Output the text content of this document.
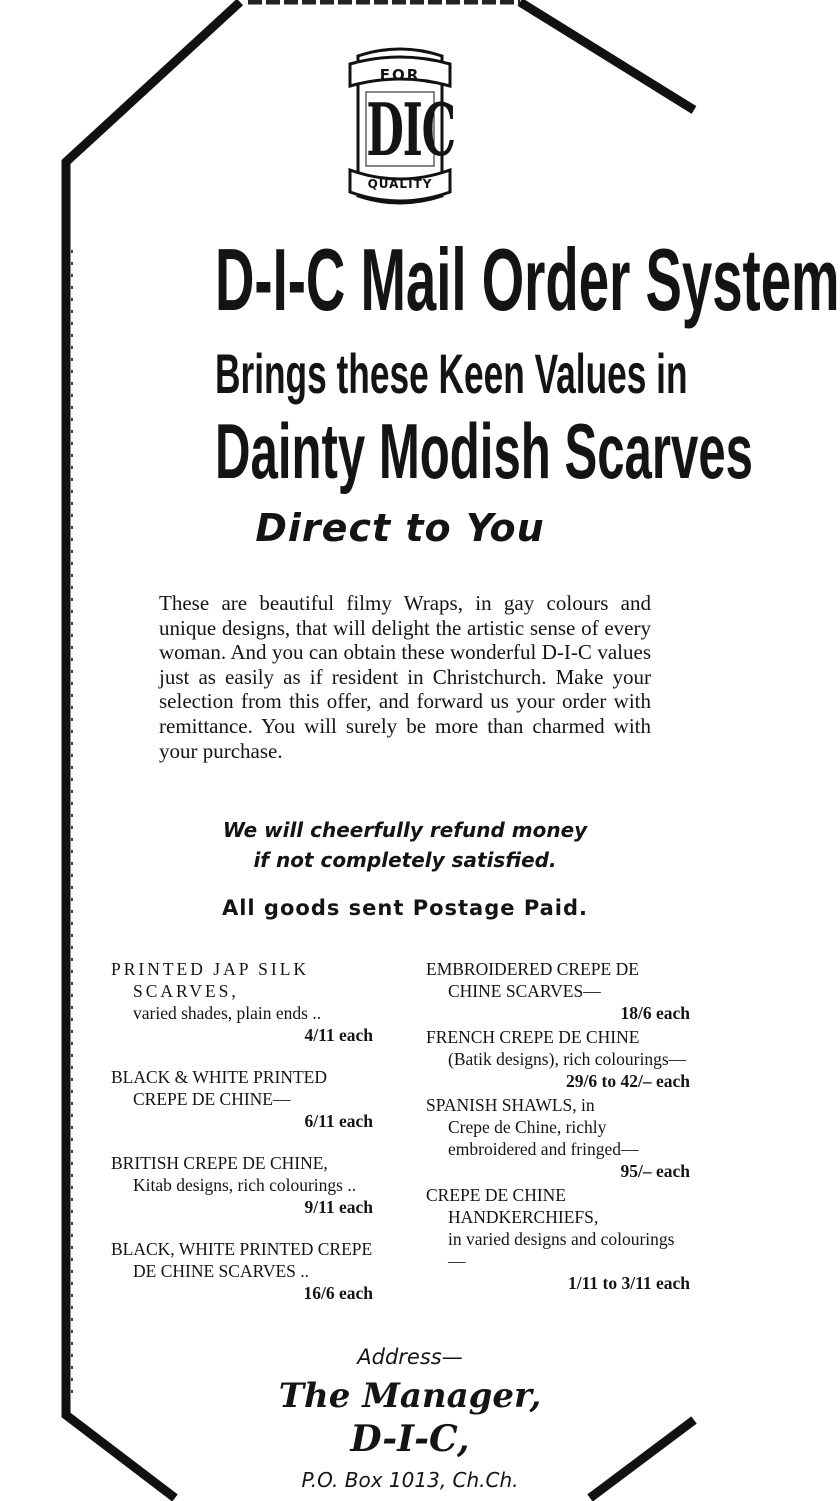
FOR
DIC
QUALITY
D-I-C Mail Order System
Brings these Keen Values in
Dainty Modish Scarves
Direct to You
These are beautiful filmy Wraps, in gay colours and unique designs, that will delight the artistic sense of every woman. And you can obtain these wonderful D-I-C values just as easily as if resident in Christchurch. Make your selection from this offer, and forward us your order with remittance. You will surely be more than charmed with your purchase.
We will cheerfully refund money
if not completely satisfied.
All goods sent Postage Paid.
PRINTED JAP SILK SCARVES,
varied shades, plain ends ..
4/11 each
BLACK & WHITE PRINTED CREPE DE CHINE—
6/11 each
BRITISH CREPE DE CHINE,
Kitab designs, rich colourings ..
9/11 each
BLACK, WHITE PRINTED CREPE DE CHINE SCARVES ..
16/6 each
EMBROIDERED CREPE DE CHINE SCARVES—
18/6 each
FRENCH CREPE DE CHINE
(Batik designs), rich colourings—
29/6 to 42/– each
SPANISH SHAWLS, in
Crepe de Chine, richly embroidered and fringed—
95/– each
CREPE DE CHINE HANDKERCHIEFS,
in varied designs and colourings—
1/11 to 3/11 each
Address—
The Manager,
D-I-C,
P.O. Box 1013, Ch.Ch.
